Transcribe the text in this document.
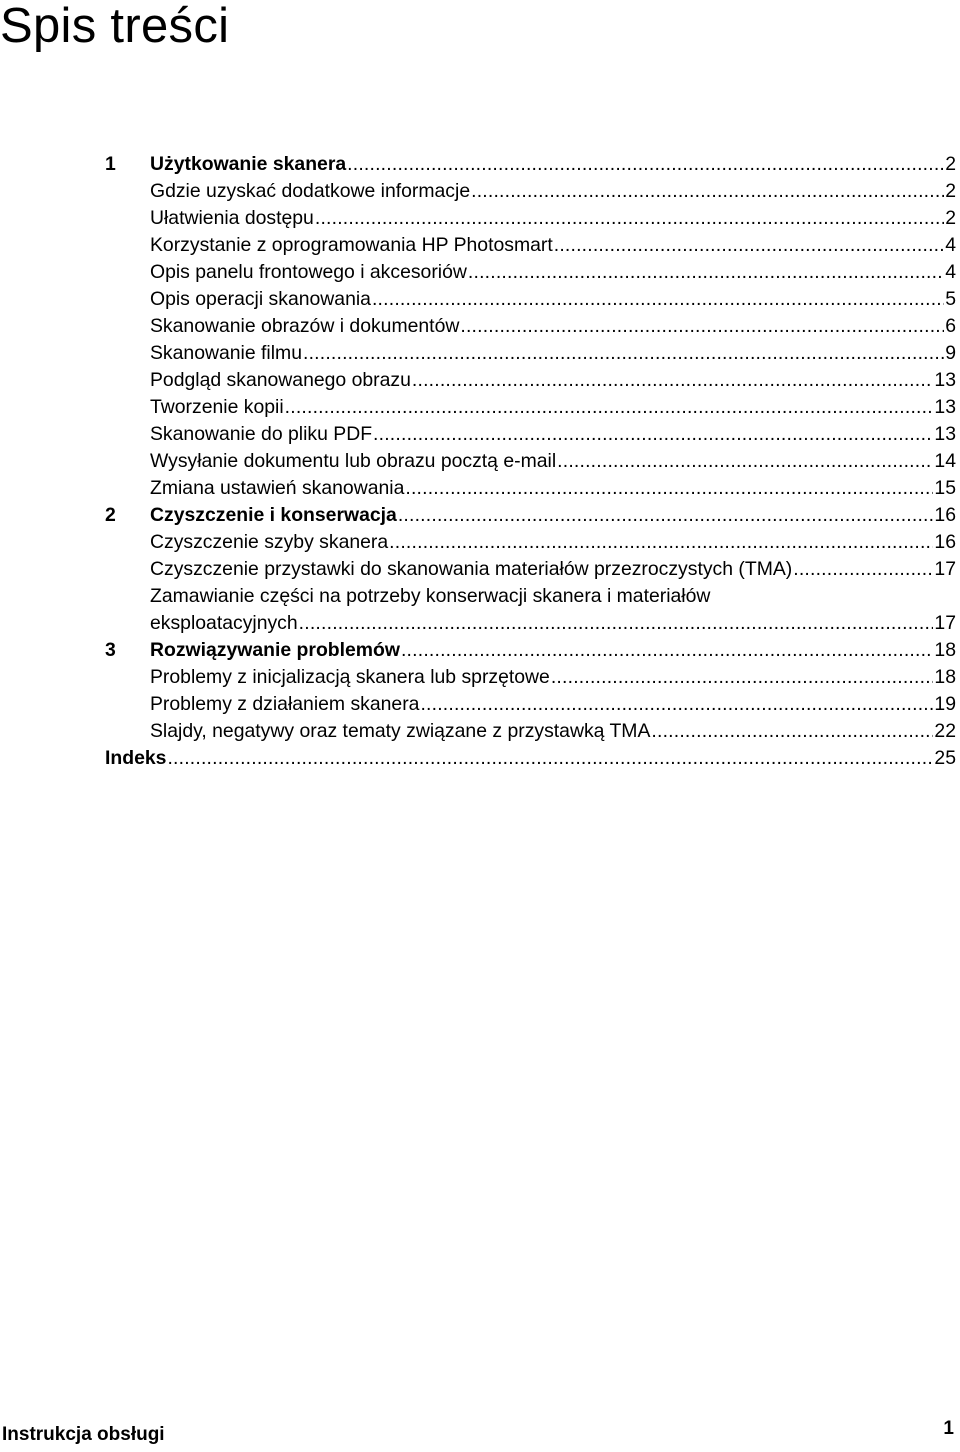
Spis treści
1	Użytkowanie skanera .....	2
Gdzie uzyskać dodatkowe informacje .....	2
Ułatwienia dostępu .....	2
Korzystanie z oprogramowania HP Photosmart .....	4
Opis panelu frontowego i akcesoriów .....	4
Opis operacji skanowania .....	5
Skanowanie obrazów i dokumentów .....	6
Skanowanie filmu .....	9
Podgląd skanowanego obrazu .....	13
Tworzenie kopii .....	13
Skanowanie do pliku PDF .....	13
Wysyłanie dokumentu lub obrazu pocztą e-mail .....	14
Zmiana ustawień skanowania .....	15
2	Czyszczenie i konserwacja .....	16
Czyszczenie szyby skanera .....	16
Czyszczenie przystawki do skanowania materiałów przezroczystych (TMA) .....	17
Zamawianie części na potrzeby konserwacji skanera i materiałów
eksploatacyjnych .....	17
3	Rozwiązywanie problemów .....	18
Problemy z inicjalizacją skanera lub sprzętowe .....	18
Problemy z działaniem skanera .....	19
Slajdy, negatywy oraz tematy związane z przystawką TMA .....	22
Indeks .....	25
Instrukcja obsługi	1
